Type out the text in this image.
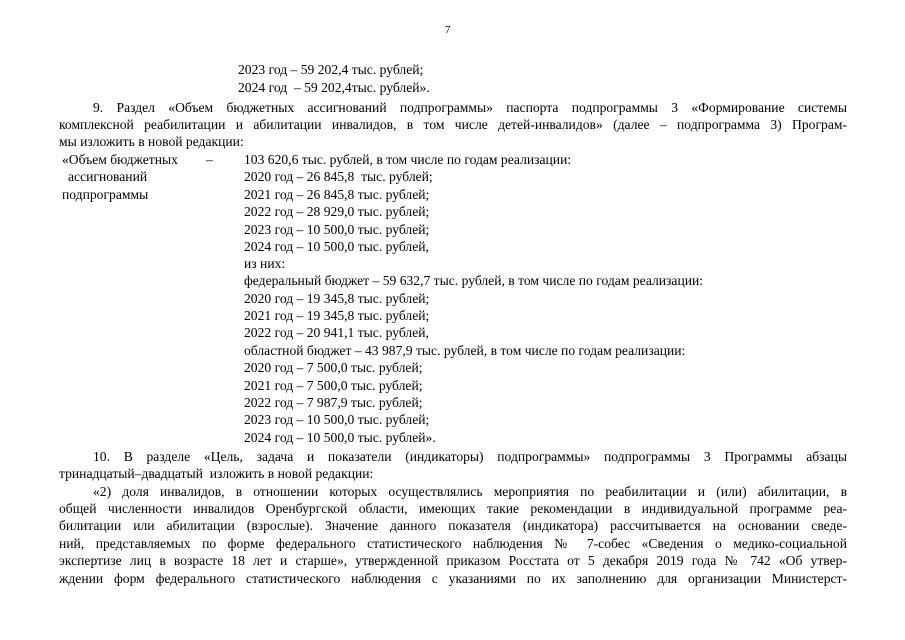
7
2023 год – 59 202,4 тыс. рублей;
2024 год  – 59 202,4тыс. рублей».
9. Раздел «Объем бюджетных ассигнований подпрограммы» паспорта подпрограммы 3 «Формирование системы
комплексной реабилитации и абилитации инвалидов, в том числе детей-инвалидов» (далее – подпрограмма 3) Програм-
мы изложить в новой редакции:
«Объем бюджетных
ассигнований
подпрограммы
– 103 620,6 тыс. рублей, в том числе по годам реализации:
2020 год – 26 845,8  тыс. рублей;
2021 год – 26 845,8 тыс. рублей;
2022 год – 28 929,0 тыс. рублей;
2023 год – 10 500,0 тыс. рублей;
2024 год – 10 500,0 тыс. рублей,
из них:
федеральный бюджет – 59 632,7 тыс. рублей, в том числе по годам реализации:
2020 год – 19 345,8 тыс. рублей;
2021 год – 19 345,8 тыс. рублей;
2022 год – 20 941,1 тыс. рублей,
областной бюджет – 43 987,9 тыс. рублей, в том числе по годам реализации:
2020 год – 7 500,0 тыс. рублей;
2021 год – 7 500,0 тыс. рублей;
2022 год – 7 987,9 тыс. рублей;
2023 год – 10 500,0 тыс. рублей;
2024 год – 10 500,0 тыс. рублей».
10. В разделе «Цель, задача и показатели (индикаторы) подпрограммы» подпрограммы 3 Программы абзацы
тринадцатый–двадцатый  изложить в новой редакции:
«2) доля инвалидов, в отношении которых осуществлялись мероприятия по реабилитации и (или) абилитации, в
общей численности инвалидов Оренбургской области, имеющих такие рекомендации в индивидуальной программе реа-
билитации или абилитации (взрослые). Значение данного показателя (индикатора) рассчитывается на основании сведе-
ний, представляемых по форме федерального статистического наблюдения № 7-собес «Сведения о медико-социальной
экспертизе лиц в возрасте 18 лет и старше», утвержденной приказом Росстата от 5 декабря 2019 года № 742 «Об утвер-
ждении форм федерального статистического наблюдения с указаниями по их заполнению для организации Министерст-
